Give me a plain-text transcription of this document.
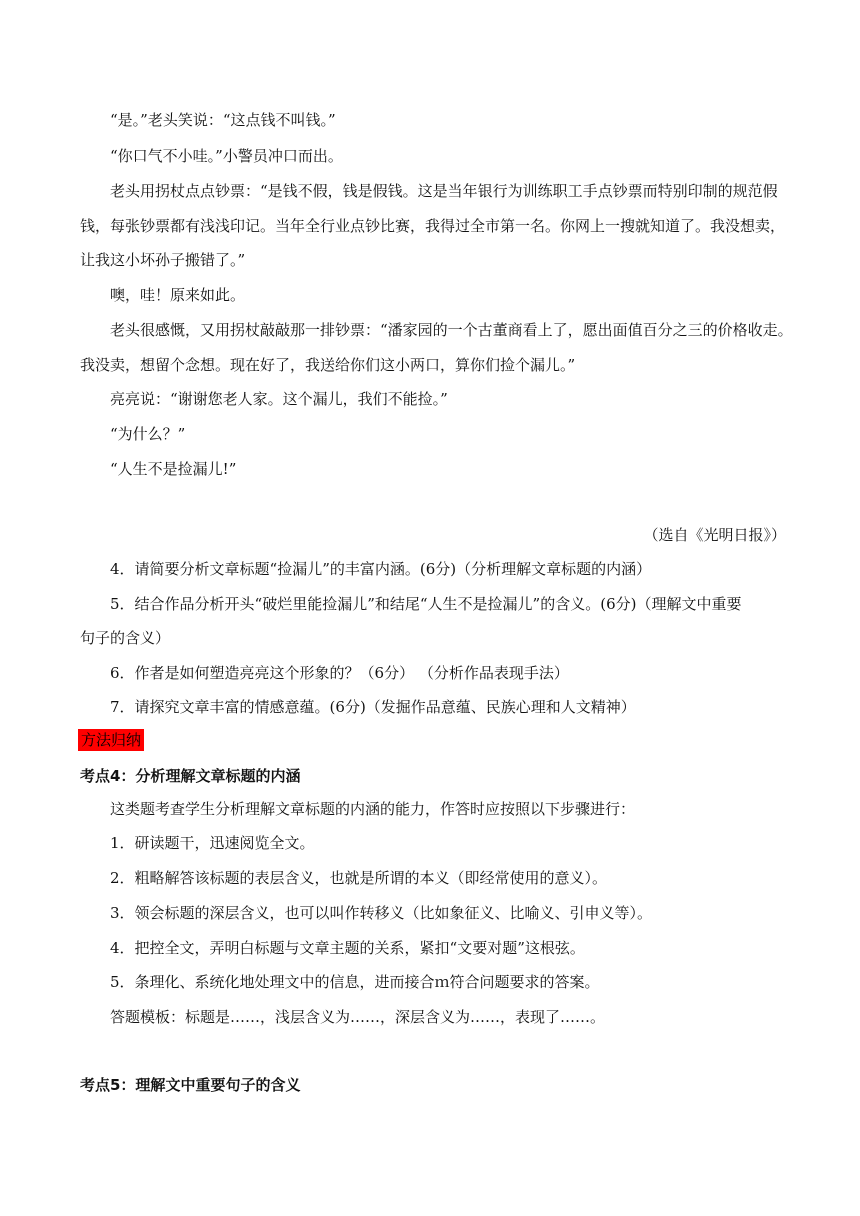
“是。”老头笑说：“这点钱不叫钱。”
“你口气不小哇。”小警员冲口而出。
老头用拐杖点点钞票：“是钱不假，钱是假钱。这是当年银行为训练职工手点钞票而特别印制的规范假
钱，每张钞票都有浅浅印记。当年全行业点钞比赛，我得过全市第一名。你网上一搜就知道了。我没想卖，
让我这小坏孙子搬错了。”
噢，哇！原来如此。
老头很感慨，又用拐杖敲敲那一排钞票：“潘家园的一个古董商看上了，愿出面值百分之三的价格收走。
我没卖，想留个念想。现在好了，我送给你们这小两口，算你们捡个漏儿。”
亮亮说：“谢谢您老人家。这个漏儿，我们不能捡。”
“为什么？”
“人生不是捡漏儿!”
（选自《光明日报》）
4．请简要分析文章标题“捡漏儿”的丰富内涵。(6分)（分析理解文章标题的内涵）
5．结合作品分析开头“破烂里能捡漏儿”和结尾“人生不是捡漏儿”的含义。(6分)（理解文中重要
句子的含义）
6．作者是如何塑造亮亮这个形象的？（6分） （分析作品表现手法）
7．请探究文章丰富的情感意蕴。(6分)（发掘作品意蕴、民族心理和人文精神）
方法归纳
考点4：分析理解文章标题的内涵
这类题考查学生分析理解文章标题的内涵的能力，作答时应按照以下步骤进行：
1．研读题干，迅速阅览全文。
2．粗略解答该标题的表层含义，也就是所谓的本义（即经常使用的意义）。
3．领会标题的深层含义，也可以叫作转移义（比如象征义、比喻义、引申义等）。
4．把控全文，弄明白标题与文章主题的关系，紧扣“文要对题”这根弦。
5．条理化、系统化地处理文中的信息，进而接合ｍ符合问题要求的答案。
答题模板：标题是……，浅层含义为……，深层含义为……，表现了……。
考点5：理解文中重要句子的含义
